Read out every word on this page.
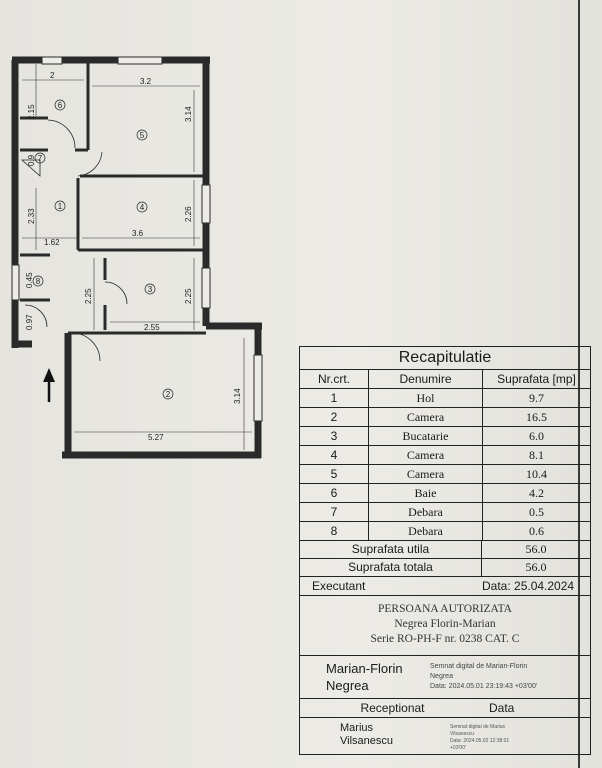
2
3.2
2.15	3.14
0.9
2.33	2.26
1.62
3.6
0.45
2.25	2.25
0.97	2.55
3.14
5.27
6
2
3
4
5
1
7
8
Recapitulatie
Nr.crt.	Denumire	Suprafata [mp]
1	Hol	9.7
2	Camera	16.5
3	Bucatarie	6.0
4	Camera	8.1
5	Camera	10.4
6	Baie	4.2
7	Debara	0.5
8	Debara	0.6
Suprafata utila	56.0
Suprafata totala	56.0
Executant	Data: 25.04.2024
PERSOANA AUTORIZATA
Negrea Florin-Marian
Serie RO-PH-F nr. 0238 CAT. C
Marian-Florin
Negrea
Semnat digital de Marian-Florin
Negrea
Data: 2024.05.01 23:19:43 +03'00'
Receptionat	Data
Marius
Vilsanescu
Semnat digital de Marius
Vilsanescu
Data: 2024.05.02 12:38:01
+03'00'
